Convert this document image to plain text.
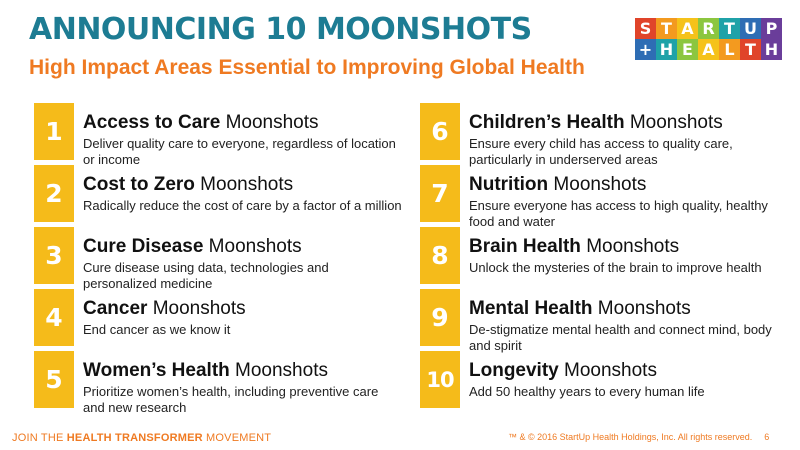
ANNOUNCING 10 MOONSHOTS
High Impact Areas Essential to Improving Global Health
S T A R T U P
+ H E A L T H
1	Access to Care Moonshots

Deliver quality care to everyone, regardless of location or income

2	Cost to Zero Moonshots

Radically reduce the cost of care by a factor of a million

3	Cure Disease Moonshots

Cure disease using data, technologies and personalized medicine

4	Cancer Moonshots

End cancer as we know it

5	Women’s Health Moonshots

Prioritize women’s health, including preventive care and new research

6	Children’s Health Moonshots

Ensure every child has access to quality care, particularly in underserved areas

7	Nutrition Moonshots

Ensure everyone has access to high quality, healthy food and water

8	Brain Health Moonshots

Unlock the mysteries of the brain to improve health

9	Mental Health Moonshots

De-stigmatize mental health and connect mind, body and spirit

10 Longevity Moonshots

Add 50 healthy years to every human life

JOIN THE HEALTH TRANSFORMER MOVEMENT	™ & © 2016 StartUp Health Holdings, Inc. All rights reserved. 6
